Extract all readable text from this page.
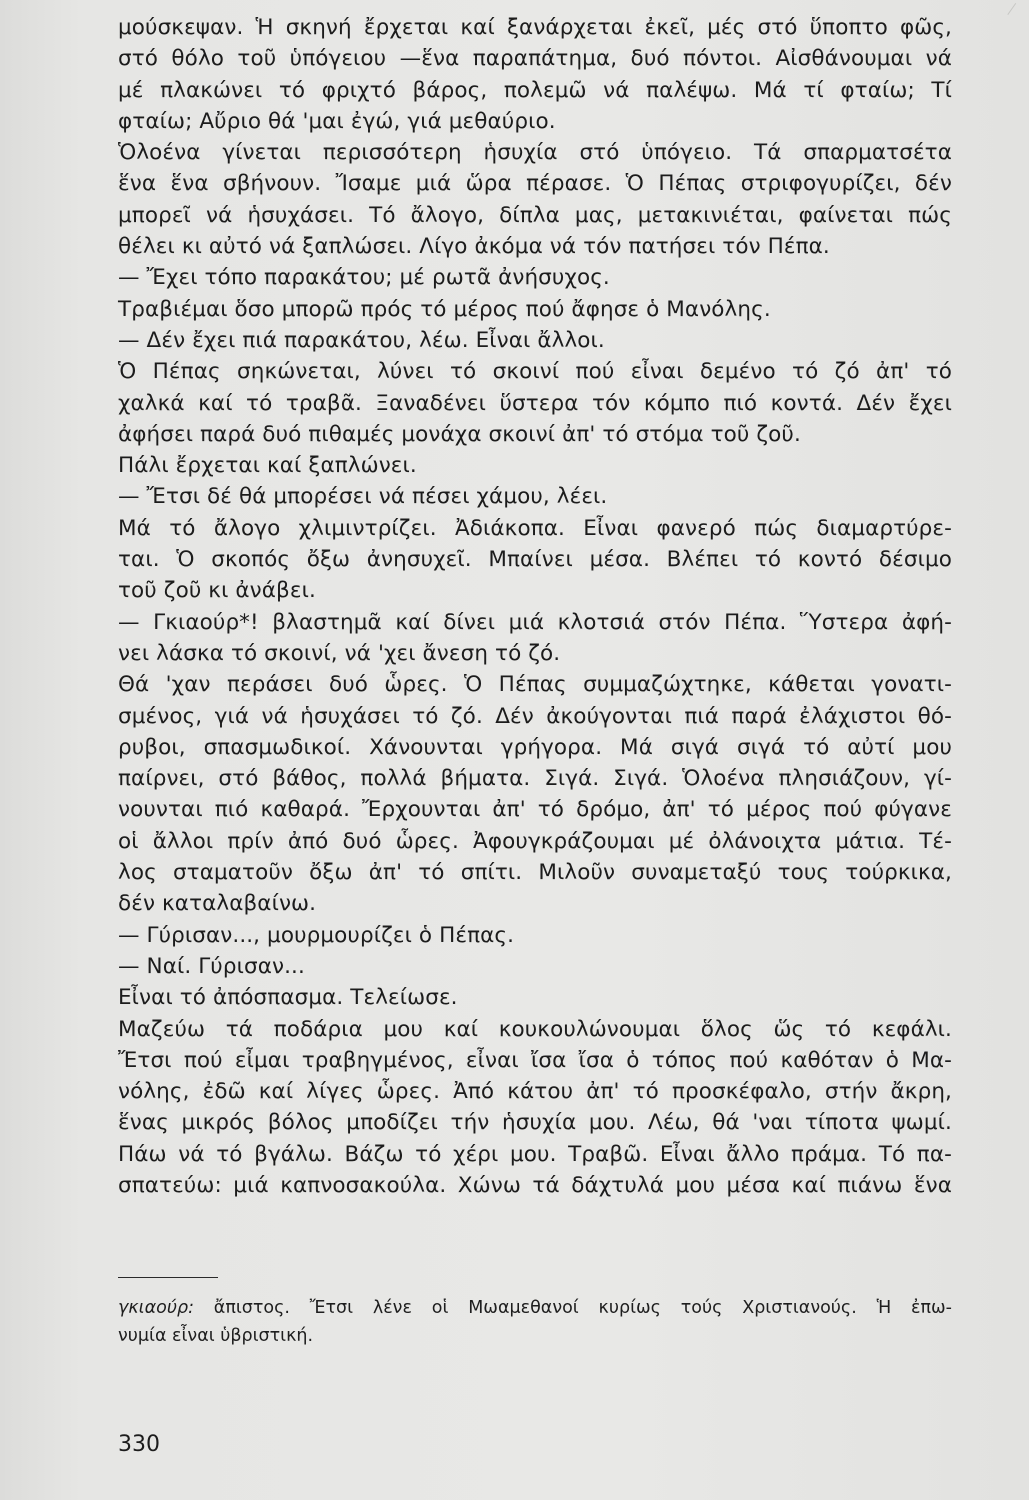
μούσκεψαν. Ἡ σκηνή ἔρχεται καί ξανάρχεται ἐκεῖ, μές στό ὕποπτο φῶς,
στό θόλο τοῦ ὑπόγειου —ἕνα παραπάτημα, δυό πόντοι. Αἰσθάνουμαι νά
μέ πλακώνει τό φριχτό βάρος, πολεμῶ νά παλέψω. Μά τί φταίω; Τί
φταίω; Αὔριο θά 'μαι ἐγώ, γιά μεθαύριο.
Ὁλοένα γίνεται περισσότερη ἡσυχία στό ὑπόγειο. Τά σπαρματσέτα
ἕνα ἕνα σβήνουν. Ἴσαμε μιά ὥρα πέρασε. Ὁ Πέπας στριφογυρίζει, δέν
μπορεῖ νά ἡσυχάσει. Τό ἄλογο, δίπλα μας, μετακινιέται, φαίνεται πώς
θέλει κι αὐτό νά ξαπλώσει. Λίγο ἀκόμα νά τόν πατήσει τόν Πέπα.
— Ἔχει τόπο παρακάτου; μέ ρωτᾶ ἀνήσυχος.
Τραβιέμαι ὅσο μπορῶ πρός τό μέρος πού ἄφησε ὁ Μανόλης.
— Δέν ἔχει πιά παρακάτου, λέω. Εἶναι ἄλλοι.
Ὁ Πέπας σηκώνεται, λύνει τό σκοινί πού εἶναι δεμένο τό ζό ἀπ' τό
χαλκά καί τό τραβᾶ. Ξαναδένει ὕστερα τόν κόμπο πιό κοντά. Δέν ἔχει
ἀφήσει παρά δυό πιθαμές μονάχα σκοινί ἀπ' τό στόμα τοῦ ζοῦ.
Πάλι ἔρχεται καί ξαπλώνει.
— Ἔτσι δέ θά μπορέσει νά πέσει χάμου, λέει.
Μά τό ἄλογο χλιμιντρίζει. Ἀδιάκοπα. Εἶναι φανερό πώς διαμαρτύρε-
ται. Ὁ σκοπός ὄξω ἀνησυχεῖ. Μπαίνει μέσα. Βλέπει τό κοντό δέσιμο
τοῦ ζοῦ κι ἀνάβει.
— Γκιαούρ*! βλαστημᾶ καί δίνει μιά κλοτσιά στόν Πέπα. Ὕστερα ἀφή-
νει λάσκα τό σκοινί, νά 'χει ἄνεση τό ζό.
Θά 'χαν περάσει δυό ὧρες. Ὁ Πέπας συμμαζώχτηκε, κάθεται γονατι-
σμένος, γιά νά ἡσυχάσει τό ζό. Δέν ἀκούγονται πιά παρά ἐλάχιστοι θό-
ρυβοι, σπασμωδικοί. Χάνουνται γρήγορα. Μά σιγά σιγά τό αὐτί μου
παίρνει, στό βάθος, πολλά βήματα. Σιγά. Σιγά. Ὁλοένα πλησιάζουν, γί-
νουνται πιό καθαρά. Ἔρχουνται ἀπ' τό δρόμο, ἀπ' τό μέρος πού φύγανε
οἱ ἄλλοι πρίν ἀπό δυό ὧρες. Ἀφουγκράζουμαι μέ ὀλάνοιχτα μάτια. Τέ-
λος σταματοῦν ὄξω ἀπ' τό σπίτι. Μιλοῦν συναμεταξύ τους τούρκικα,
δέν καταλαβαίνω.
— Γύρισαν..., μουρμουρίζει ὁ Πέπας.
— Ναί. Γύρισαν...
Εἶναι τό ἀπόσπασμα. Τελείωσε.
Μαζεύω τά ποδάρια μου καί κουκουλώνουμαι ὅλος ὥς τό κεφάλι.
Ἔτσι πού εἶμαι τραβηγμένος, εἶναι ἴσα ἴσα ὁ τόπος πού καθόταν ὁ Μα-
νόλης, ἐδῶ καί λίγες ὧρες. Ἀπό κάτου ἀπ' τό προσκέφαλο, στήν ἄκρη,
ἕνας μικρός βόλος μποδίζει τήν ἡσυχία μου. Λέω, θά 'ναι τίποτα ψωμί.
Πάω νά τό βγάλω. Βάζω τό χέρι μου. Τραβῶ. Εἶναι ἄλλο πράμα. Τό πα-
σπατεύω: μιά καπνοσακούλα. Χώνω τά δάχτυλά μου μέσα καί πιάνω ἕνα
γκιαούρ: ἄπιστος. Ἔτσι λένε οἱ Μωαμεθανοί κυρίως τούς Χριστιανούς. Ἡ ἐπω-
νυμία εἶναι ὑβριστική.
330
